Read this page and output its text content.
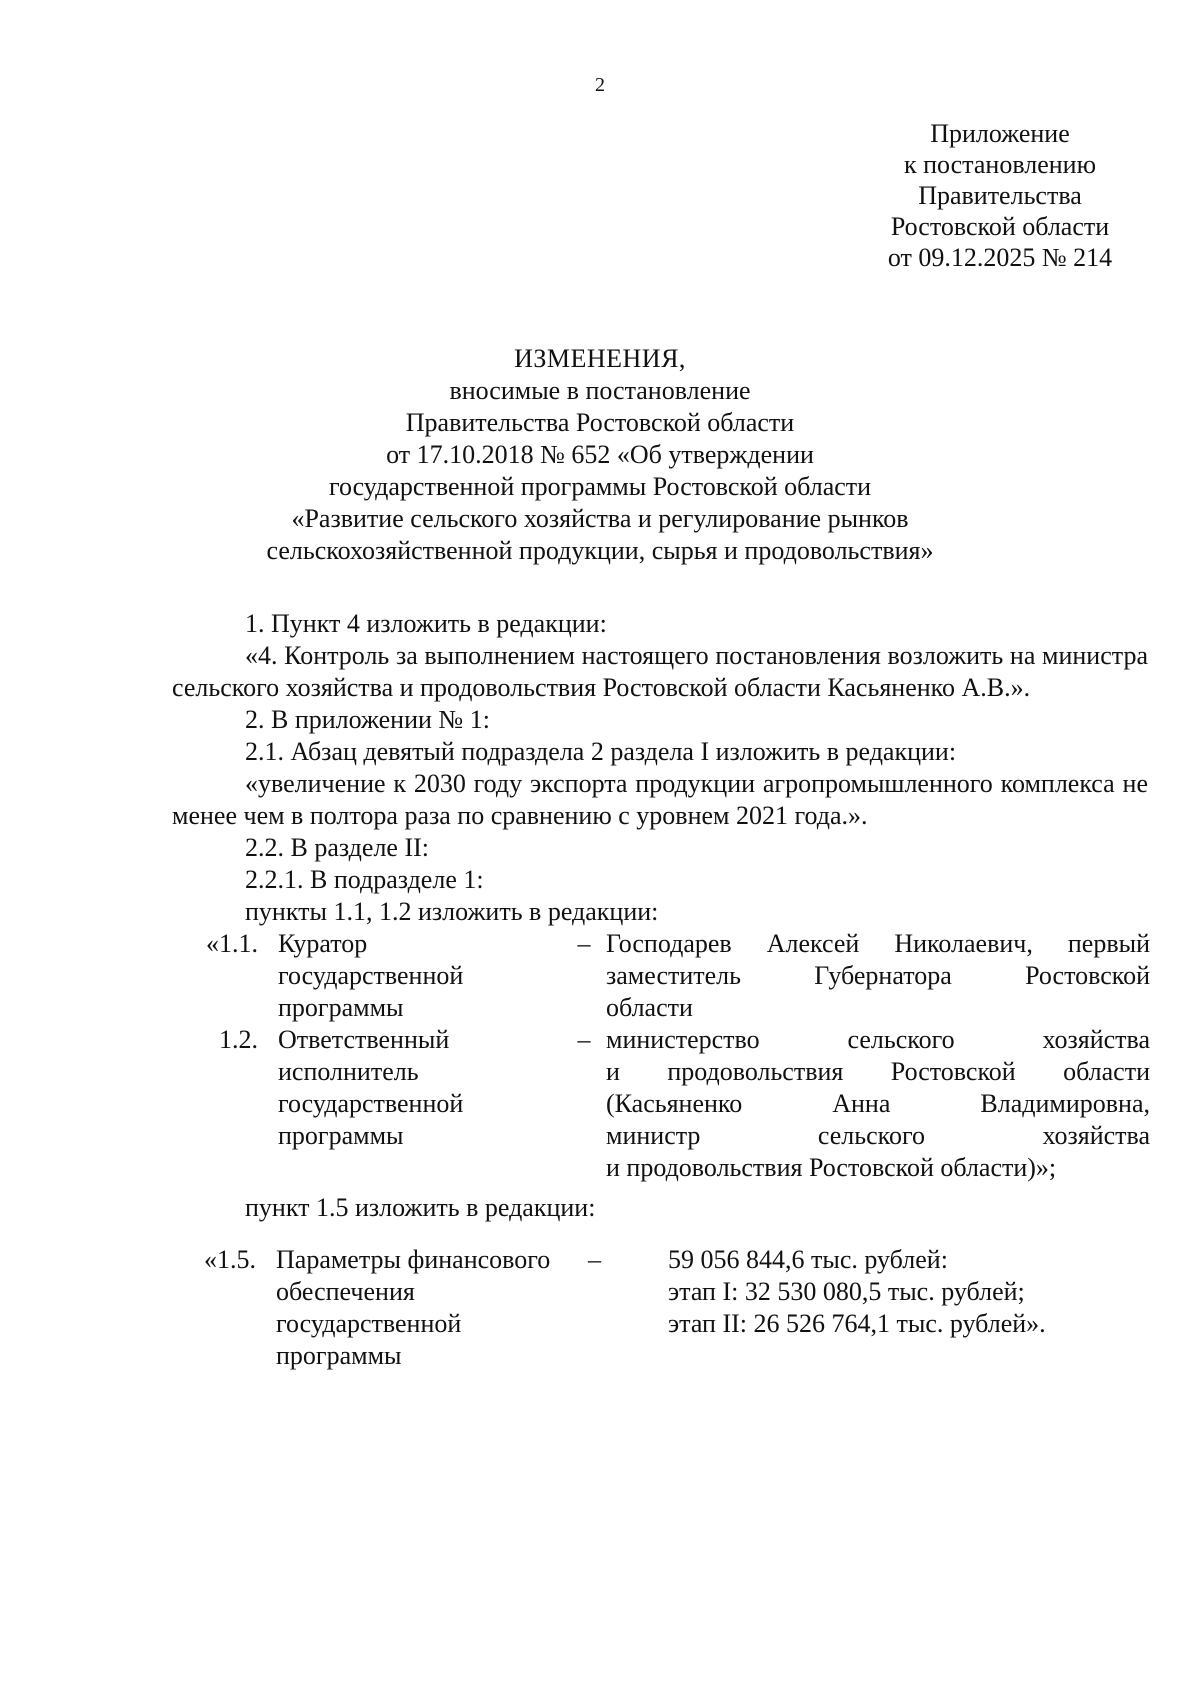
2
Приложение
к постановлению
Правительства
Ростовской области
от 09.12.2025 № 214
ИЗМЕНЕНИЯ,
вносимые в постановление
Правительства Ростовской области
от 17.10.2018 № 652 «Об утверждении
государственной программы Ростовской области
«Развитие сельского хозяйства и регулирование рынков
сельскохозяйственной продукции, сырья и продовольствия»
1. Пункт 4 изложить в редакции:
«4. Контроль за выполнением настоящего постановления возложить на министра сельского хозяйства и продовольствия Ростовской области Касьяненко А.В.».
2. В приложении № 1:
2.1. Абзац девятый подраздела 2 раздела I изложить в редакции:
«увеличение к 2030 году экспорта продукции агропромышленного комплекса не менее чем в полтора раза по сравнению с уровнем 2021 года.».
2.2. В разделе II:
2.2.1. В подразделе 1:
пункты 1.1, 1.2 изложить в редакции:
«1.1. Куратор
государственной
программы
– Господарев Алексей Николаевич, первый
заместитель Губернатора Ростовской
области
1.2. Ответственный
исполнитель
государственной
программы
– министерство сельского хозяйства
и продовольствия Ростовской области
(Касьяненко Анна Владимировна,
министр сельского хозяйства
и продовольствия Ростовской области)»;
пункт 1.5 изложить в редакции:
«1.5. Параметры финансового
обеспечения
государственной
программы
–	59 056 844,6 тыс. рублей:
этап I: 32 530 080,5 тыс. рублей;
этап II: 26 526 764,1 тыс. рублей».
